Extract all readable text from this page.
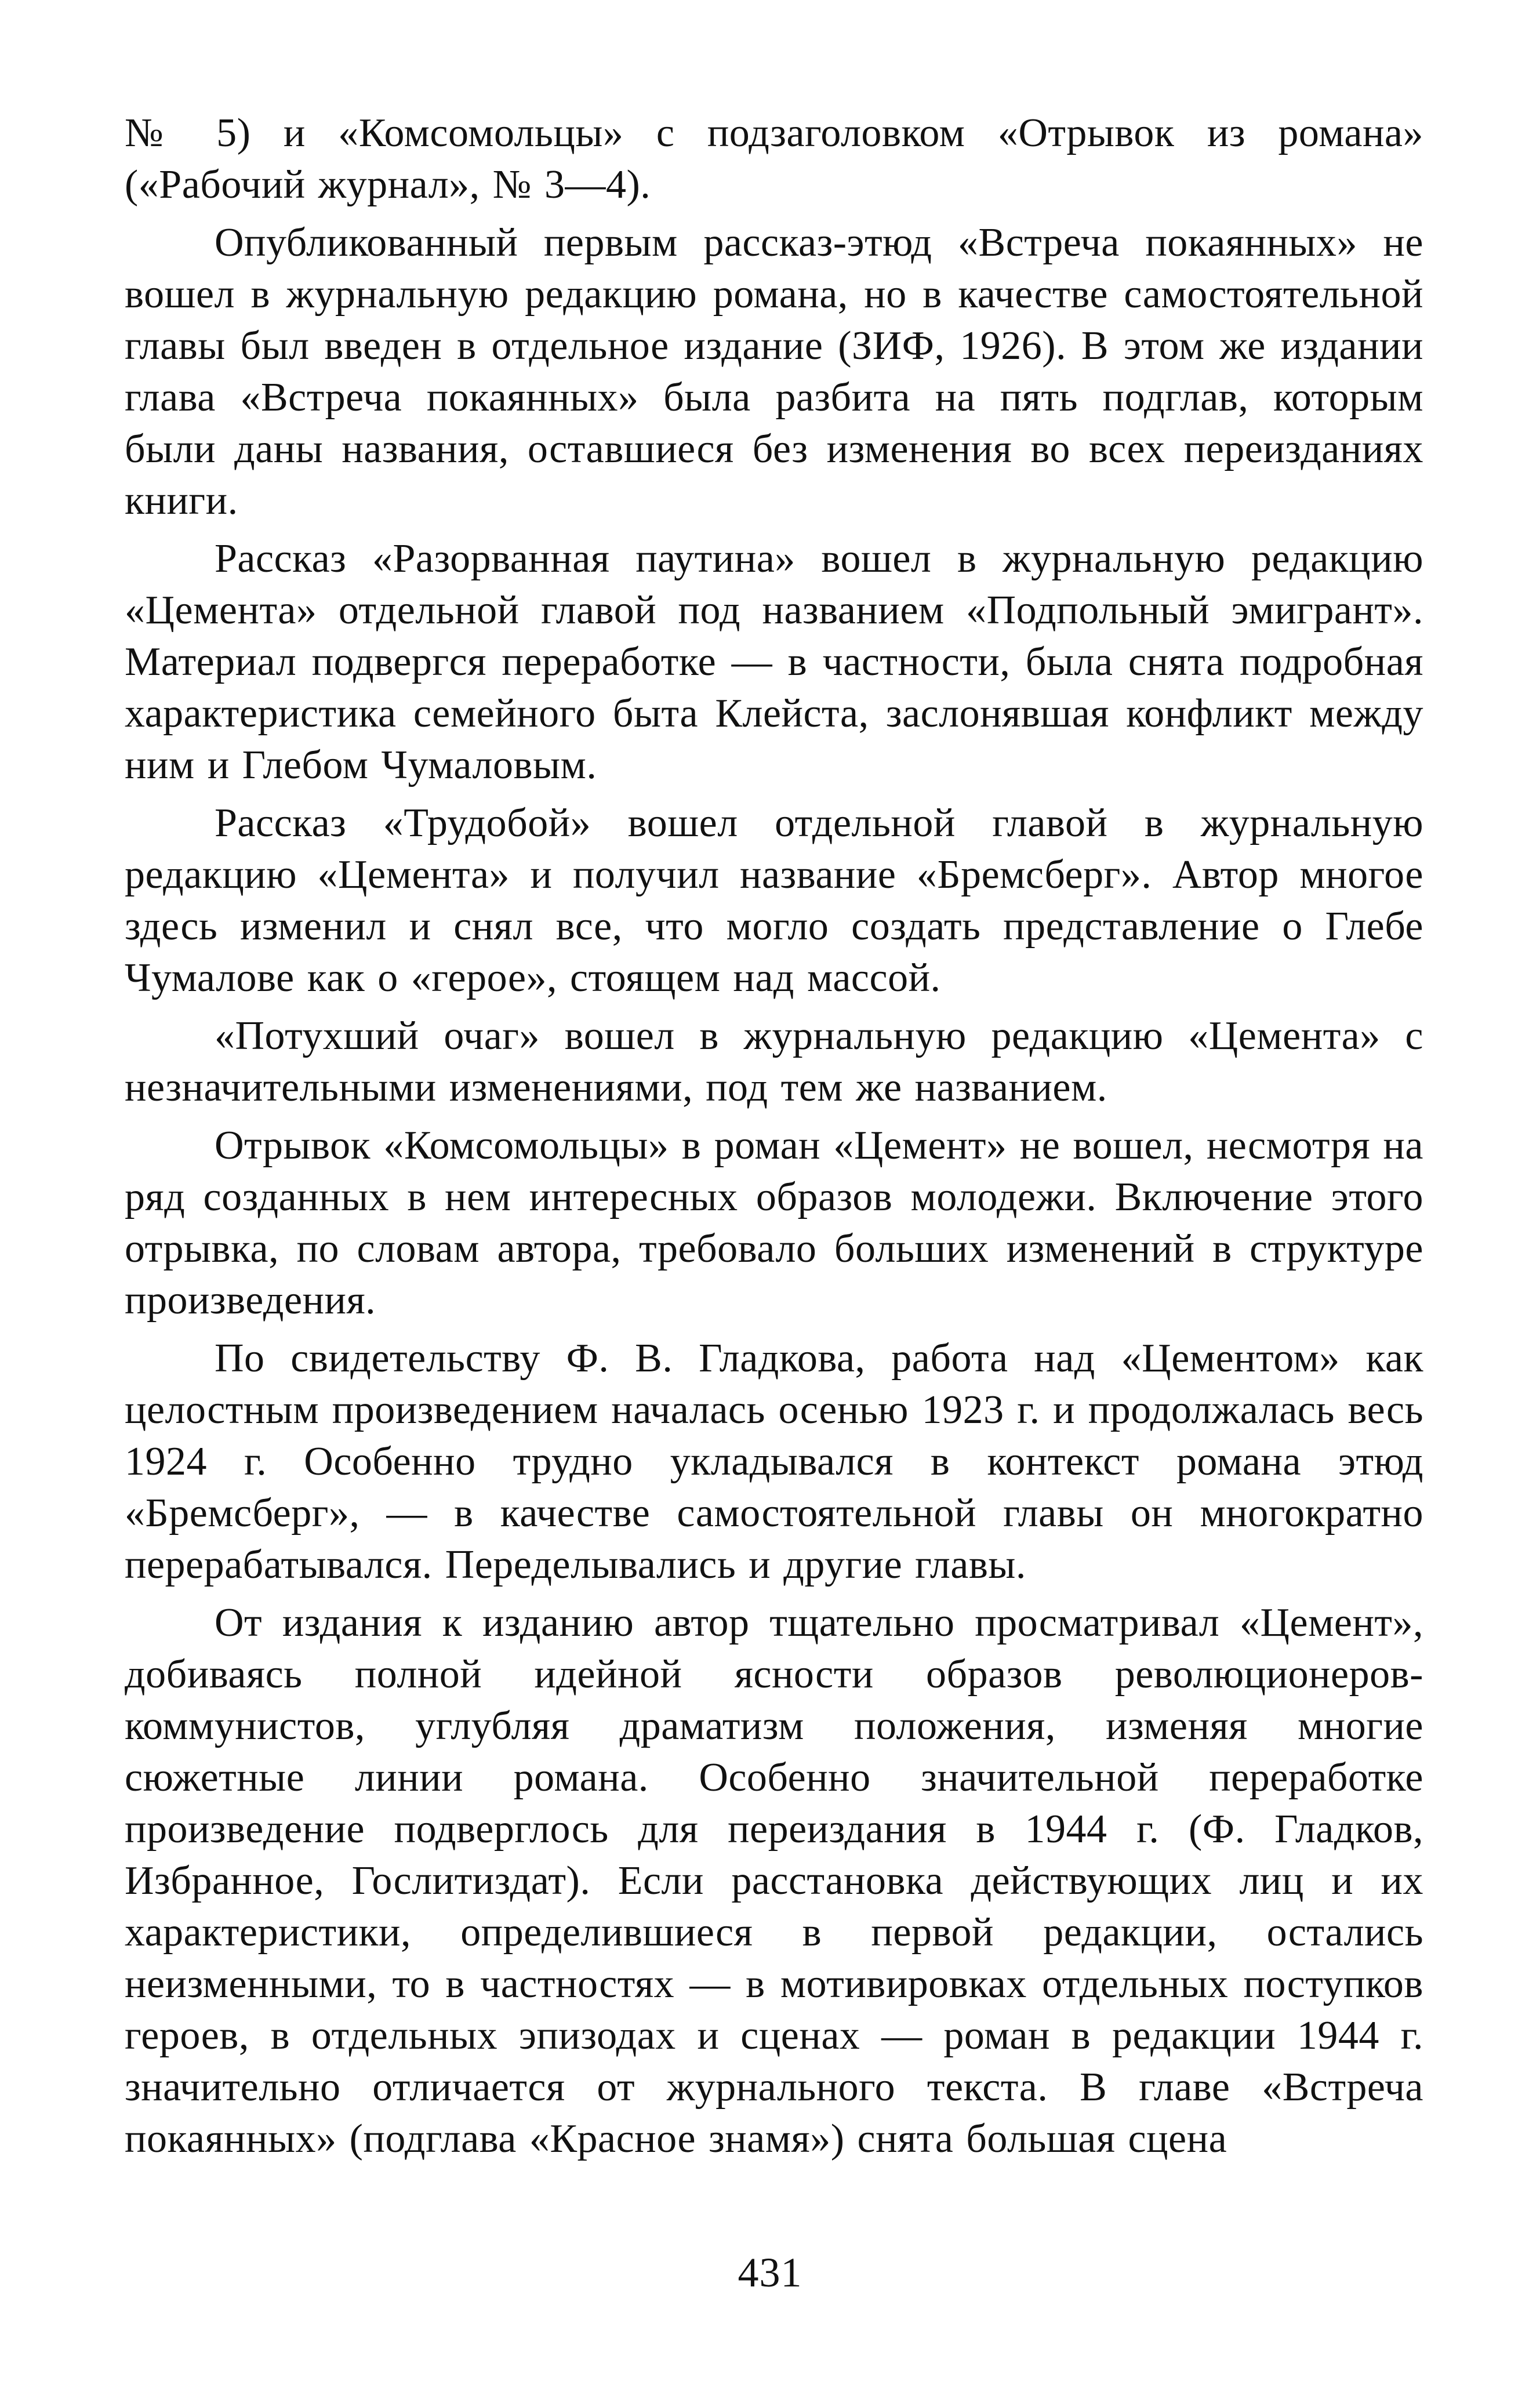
№ 5) и «Комсомольцы» с подзаголовком «Отрывок из романа» («Рабочий журнал», № 3—4).

Опубликованный первым рассказ-этюд «Встреча покаянных» не вошел в журнальную редакцию романа, но в качестве самостоятельной главы был введен в отдельное издание (ЗИФ, 1926). В этом же издании глава «Встреча покаянных» была разбита на пять подглав, которым были даны названия, оставшиеся без изменения во всех переизданиях книги.

Рассказ «Разорванная паутина» вошел в журнальную редакцию «Цемента» отдельной главой под названием «Подпольный эмигрант». Материал подвергся переработке — в частности, была снята подробная характеристика семейного быта Клейста, заслонявшая конфликт между ним и Глебом Чумаловым.

Рассказ «Трудобой» вошел отдельной главой в журнальную редакцию «Цемента» и получил название «Бремсберг». Автор многое здесь изменил и снял все, что могло создать представление о Глебе Чумалове как о «герое», стоящем над массой.

«Потухший очаг» вошел в журнальную редакцию «Цемента» с незначительными изменениями, под тем же названием.

Отрывок «Комсомольцы» в роман «Цемент» не вошел, несмотря на ряд созданных в нем интересных образов молодежи. Включение этого отрывка, по словам автора, требовало больших изменений в структуре произведения.

По свидетельству Ф. В. Гладкова, работа над «Цементом» как целостным произведением началась осенью 1923 г. и продолжалась весь 1924 г. Особенно трудно укладывался в контекст романа этюд «Бремсберг», — в качестве самостоятельной главы он многократно перерабатывался. Переделывались и другие главы.

От издания к изданию автор тщательно просматривал «Цемент», добиваясь полной идейной ясности образов революционеров-коммунистов, углубляя драматизм положения, изменяя многие сюжетные линии романа. Особенно значительной переработке произведение подверглось для переиздания в 1944 г. (Ф. Гладков, Избранное, Гослитиздат). Если расстановка действующих лиц и их характеристики, определившиеся в первой редакции, остались неизменными, то в частностях — в мотивировках отдельных поступков героев, в отдельных эпизодах и сценах — роман в редакции 1944 г. значительно отличается от журнального текста. В главе «Встреча покаянных» (подглава «Красное знамя») снята большая сцена

431
